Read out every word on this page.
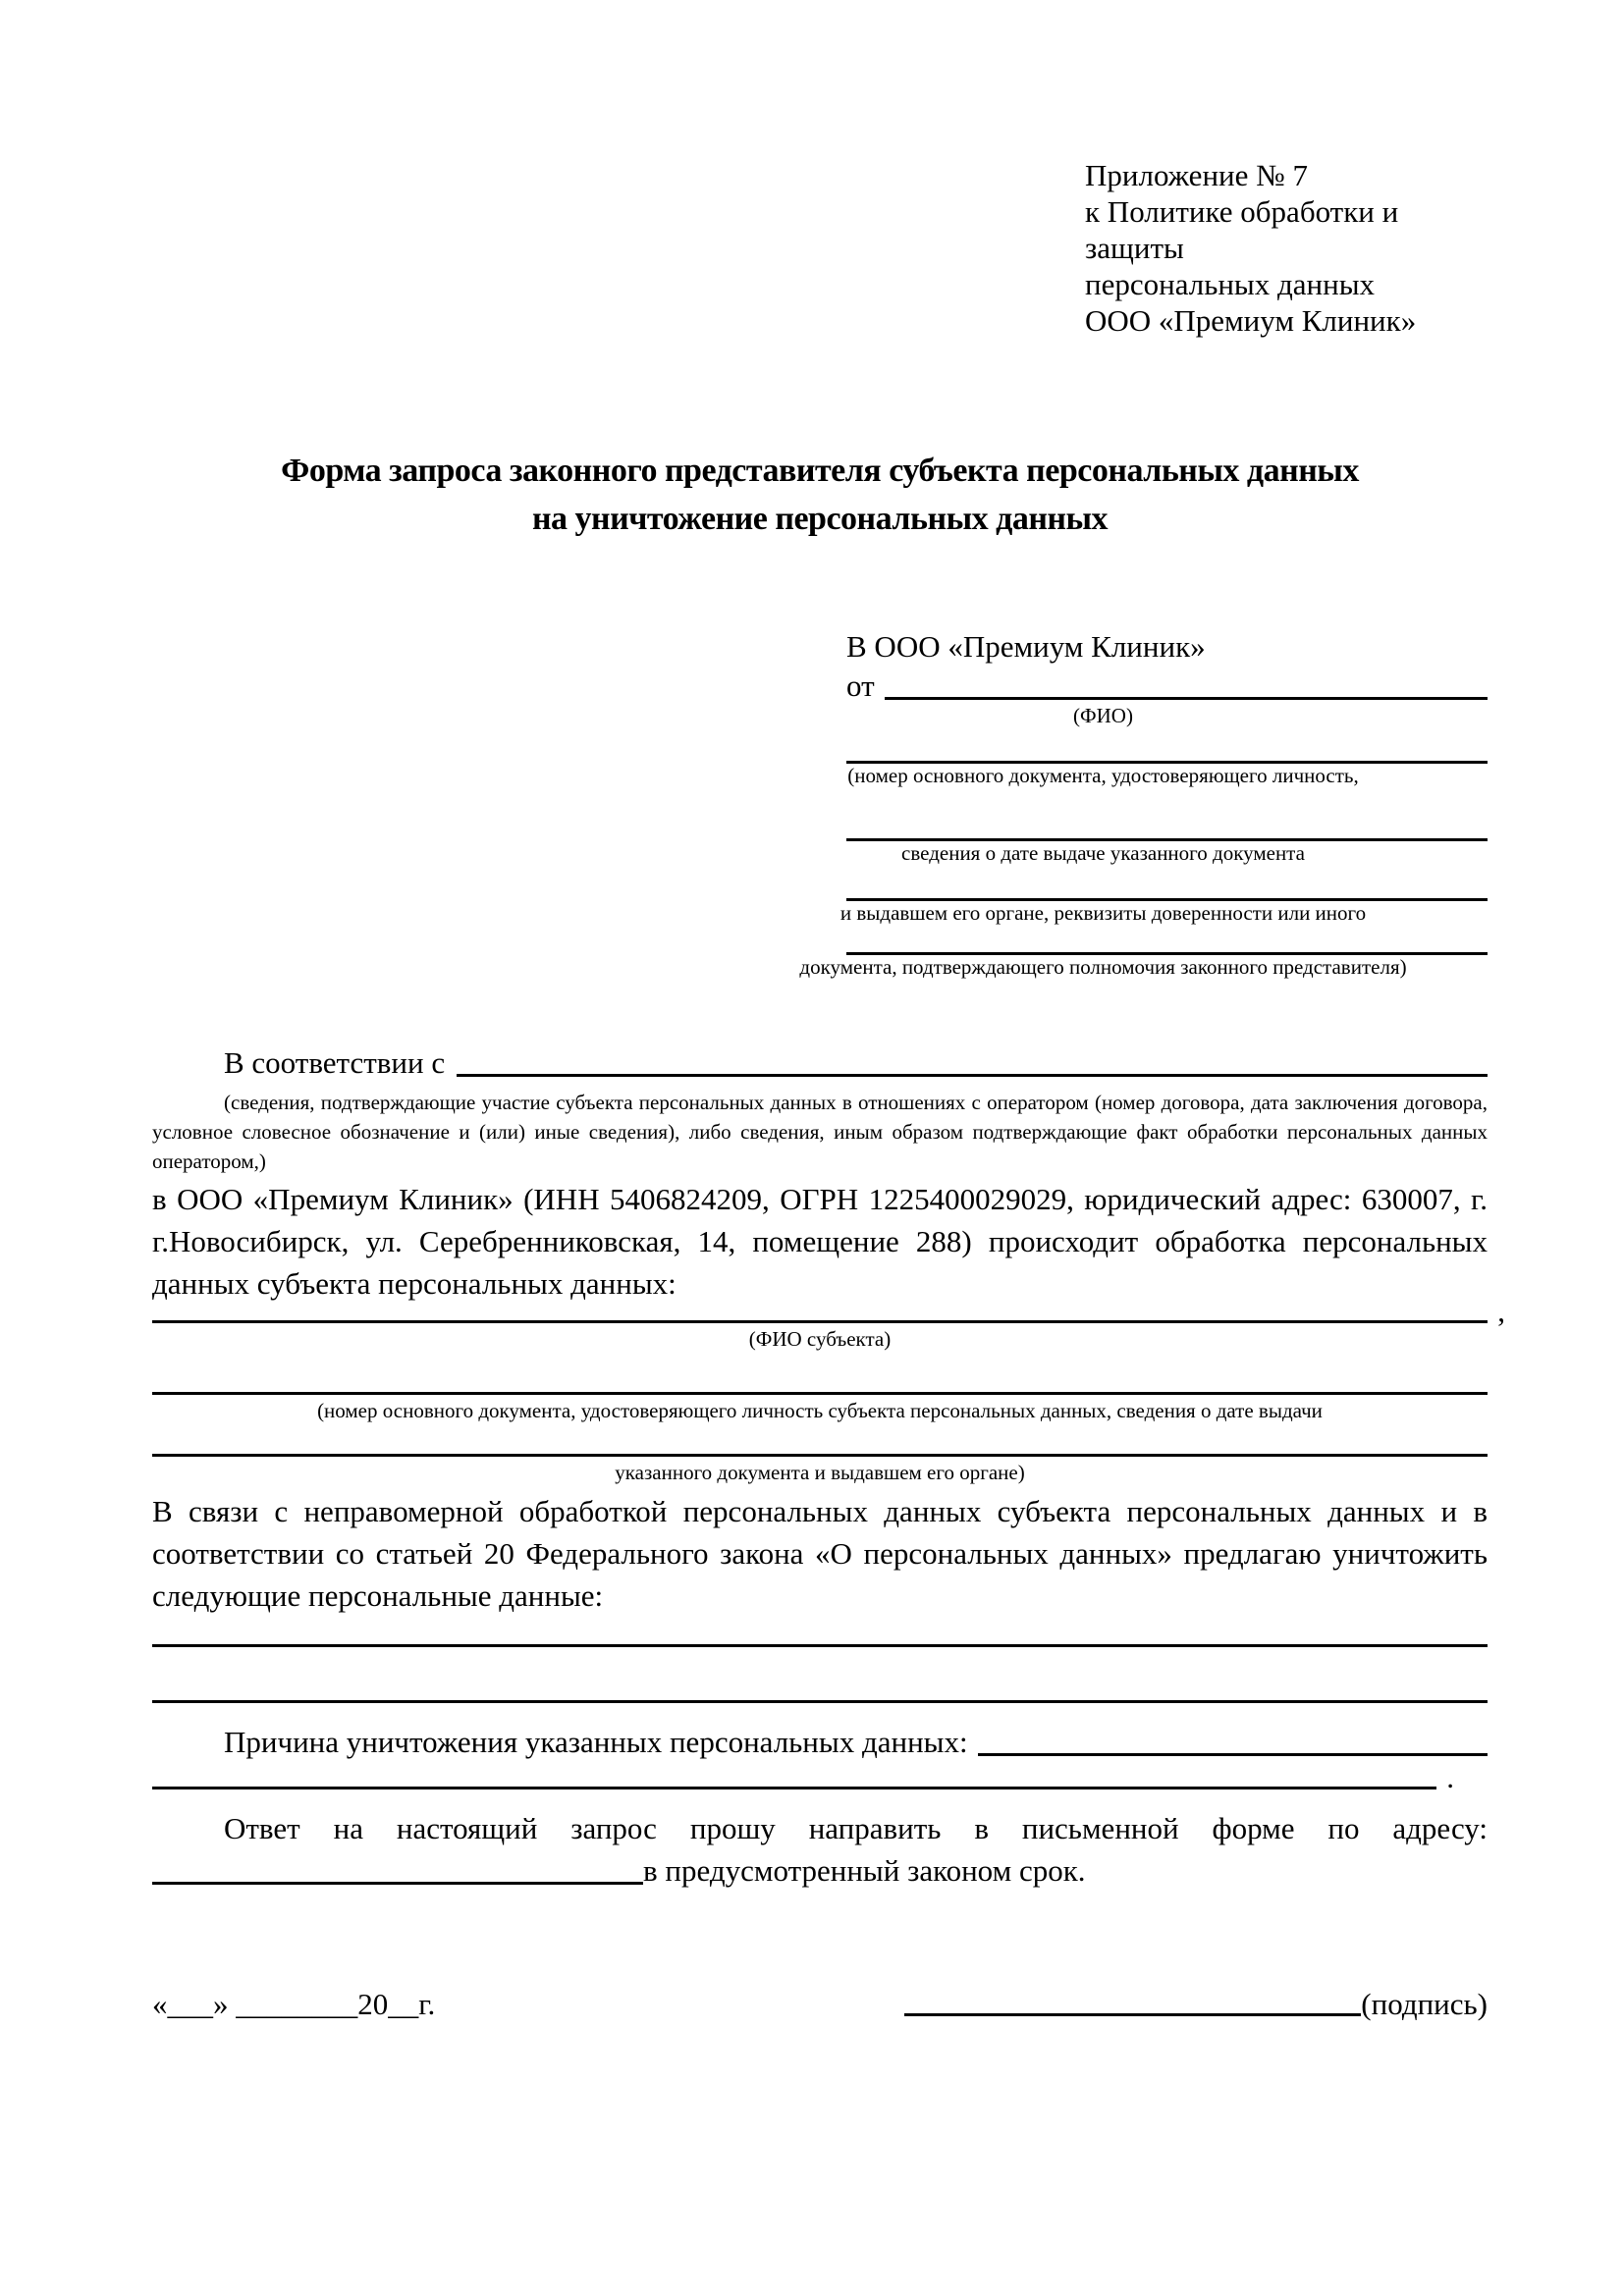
Приложение № 7
к Политике обработки и защиты
персональных данных
ООО «Премиум Клиник»
Форма запроса законного представителя субъекта персональных данных
на уничтожение персональных данных
В ООО «Премиум Клиник»
от
(ФИО)
(номер основного документа, удостоверяющего личность,
сведения о дате выдаче указанного документа
и выдавшем его органе, реквизиты доверенности или иного
документа, подтверждающего полномочия законного представителя)
В соответствии с
(сведения, подтверждающие участие субъекта персональных данных в отношениях с оператором (номер договора, дата заключения договора, условное словесное обозначение и (или) иные сведения), либо сведения, иным образом подтверждающие факт обработки персональных данных оператором,)
в ООО «Премиум Клиник» (ИНН 5406824209, ОГРН 1225400029029, юридический адрес: 630007, г. г.Новосибирск, ул. Серебренниковская, 14, помещение 288) происходит обработка персональных данных субъекта персональных данных:
,
(ФИО субъекта)
(номер основного документа, удостоверяющего личность субъекта персональных данных, сведения о дате выдачи
указанного документа и выдавшем его органе)
В связи с неправомерной обработкой персональных данных субъекта персональных данных и в соответствии со статьей 20 Федерального закона «О персональных данных» предлагаю уничтожить следующие персональные данные:
Причина уничтожения указанных персональных данных:
.
Ответ на настоящий запрос прошу направить в письменной форме по адресу:
в предусмотренный законом срок.
«___» ________20__г.	(подпись)
